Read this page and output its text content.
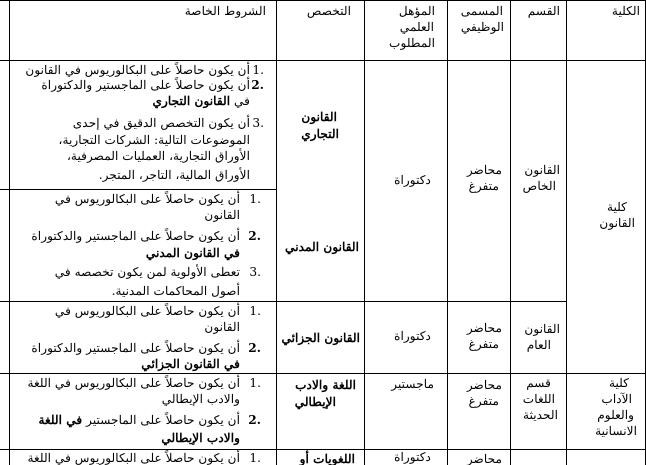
الكلية
القسم
المسمى
الوظيفي
المؤهل
العلمي
المطلوب
التخصص
الشروط الخاصة
كلية
القانون
كلية
الآداب
والعلوم
الانسانية
القانون
الخاص
القانون
العام
قسم
اللغات
الحديثة
محاضر
متفرغ
محاضر
متفرغ
محاضر
متفرغ
محاضر
دكتوراة
دكتوراة
ماجستير
دكتوراة
القانون
التجاري
القانون المدني
القانون الجزائي
اللغة والادب
الإيطالي
اللغويات أو
.1
أن يكون حاصلاً على البكالوريوس في القانون
.2
أن يكون حاصلاً على الماجستير والدكتوراة
في القانون التجاري
.3
أن يكون التخصص الدقيق في إحدى
الموضوعات التالية: الشركات التجارية،
الأوراق التجارية، العمليات المصرفية،
الأوراق المالية، التاجر، المتجر.
.1
أن يكون حاصلاً على البكالوريوس في
القانون
.2
أن يكون حاصلاً على الماجستير والدكتوراة
في القانون المدني
.3
تعطى الأولوية لمن يكون تخصصه في
أصول المحاكمات المدنية.
.1
أن يكون حاصلاً على البكالوريوس في
القانون
.2
أن يكون حاصلاً على الماجستير والدكتوراة
في القانون الجزائي
.1
أن يكون حاصلاً على البكالوريوس في اللغة
والادب الإيطالي
.2
أن يكون حاصلاً على الماجستير في اللغة
والادب الإيطالي
.1
أن يكون حاصلاً على البكالوريوس في اللغة
